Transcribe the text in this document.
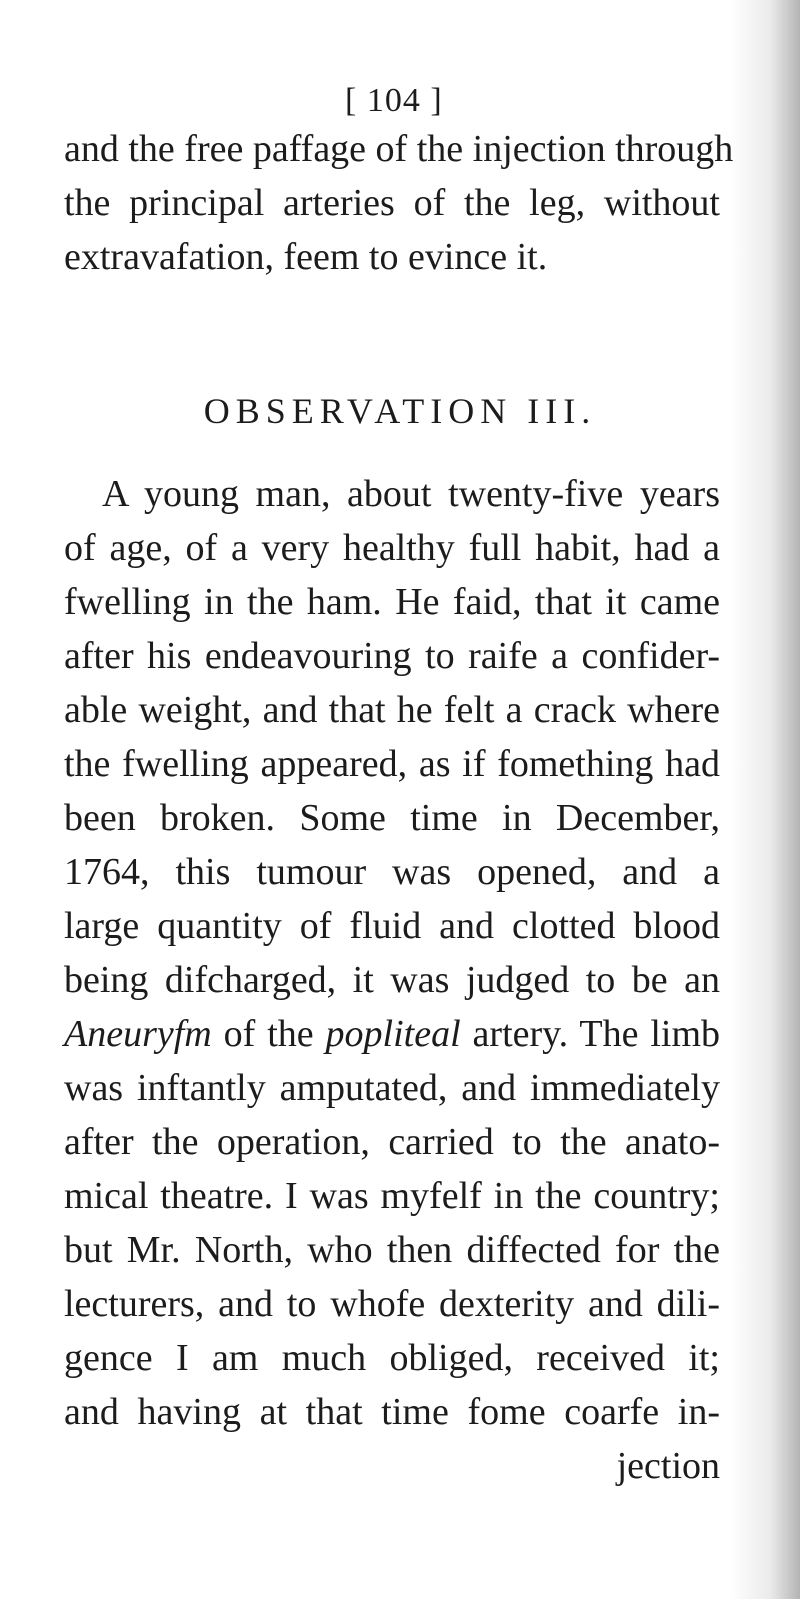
[ 104 ]
and the free paffage of the injection through
the principal arteries of the leg, without
extravafation, feem to evince it.
OBSERVATION III.
A young man, about twenty-five years
of age, of a very healthy full habit, had a
fwelling in the ham. He faid, that it came
after his endeavouring to raife a confider-
able weight, and that he felt a crack where
the fwelling appeared, as if fomething had
been broken. Some time in December,
1764, this tumour was opened, and a
large quantity of fluid and clotted blood
being difcharged, it was judged to be an
Aneuryfm of the popliteal artery. The limb
was inftantly amputated, and immediately
after the operation, carried to the anato-
mical theatre. I was myfelf in the country;
but Mr. North, who then diffected for the
lecturers, and to whofe dexterity and dili-
gence I am much obliged, received it;
and having at that time fome coarfe in-
jection
